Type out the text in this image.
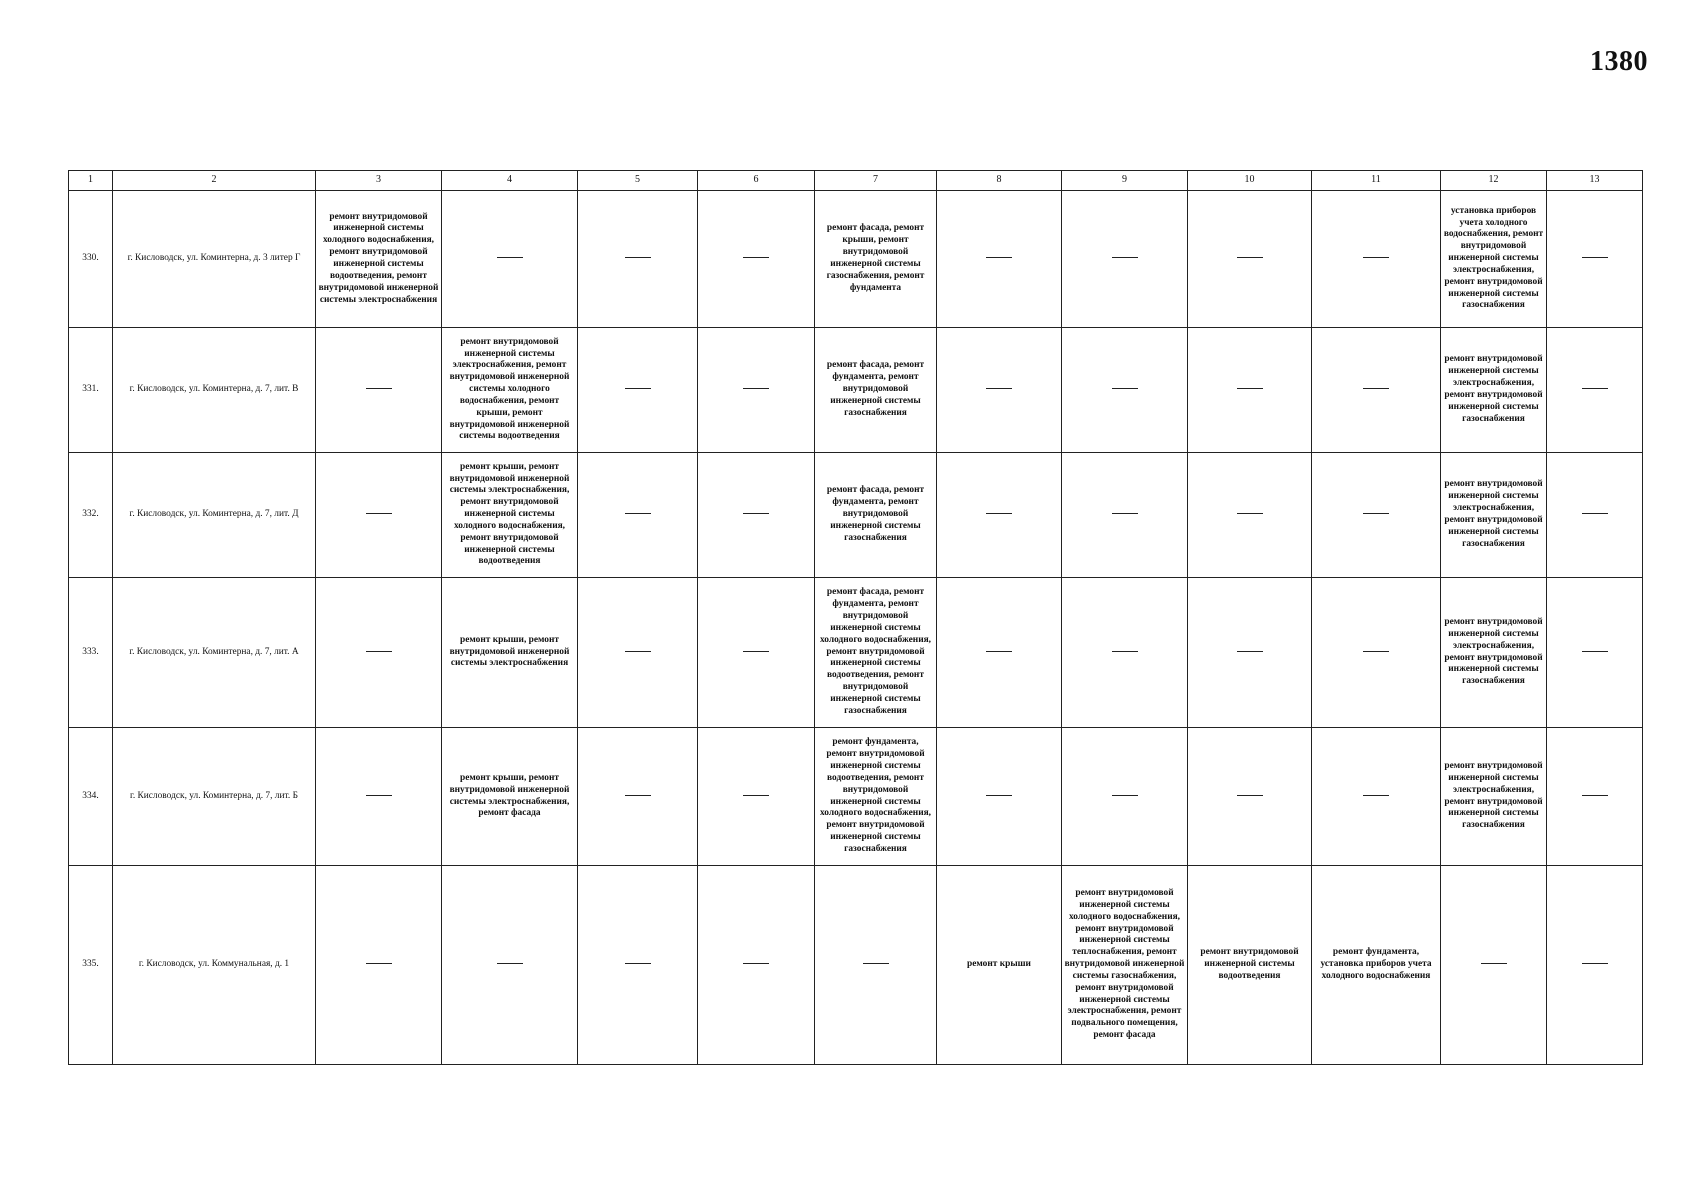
1380
1	2	3	4	5	6	7	8	9	10	11	12	13
330.	г. Кисловодск, ул. Коминтерна, д. 3 литер Г	ремонт внутридомовой инженерной системы холодного водоснабжения, ремонт внутридомовой инженерной системы водоотведения, ремонт внутридомовой инженерной системы электроснабжения				ремонт фасада, ремонт крыши, ремонт внутридомовой инженерной системы газоснабжения, ремонт фундамента					установка приборов учета холодного водоснабжения, ремонт внутридомовой инженерной системы электроснабжения, ремонт внутридомовой инженерной системы газоснабжения	
331.	г. Кисловодск, ул. Коминтерна, д. 7, лит. В		ремонт внутридомовой инженерной системы электроснабжения, ремонт внутридомовой инженерной системы холодного водоснабжения, ремонт крыши, ремонт внутридомовой инженерной системы водоотведения			ремонт фасада, ремонт фундамента, ремонт внутридомовой инженерной системы газоснабжения					ремонт внутридомовой инженерной системы электроснабжения, ремонт внутридомовой инженерной системы газоснабжения	
332.	г. Кисловодск, ул. Коминтерна, д. 7, лит. Д		ремонт крыши, ремонт внутридомовой инженерной системы электроснабжения, ремонт внутридомовой инженерной системы холодного водоснабжения, ремонт внутридомовой инженерной системы водоотведения			ремонт фасада, ремонт фундамента, ремонт внутридомовой инженерной системы газоснабжения					ремонт внутридомовой инженерной системы электроснабжения, ремонт внутридомовой инженерной системы газоснабжения	
333.	г. Кисловодск, ул. Коминтерна, д. 7, лит. А		ремонт крыши, ремонт внутридомовой инженерной системы электроснабжения			ремонт фасада, ремонт фундамента, ремонт внутридомовой инженерной системы холодного водоснабжения, ремонт внутридомовой инженерной системы водоотведения, ремонт внутридомовой инженерной системы газоснабжения					ремонт внутридомовой инженерной системы электроснабжения, ремонт внутридомовой инженерной системы газоснабжения	
334.	г. Кисловодск, ул. Коминтерна, д. 7, лит. Б		ремонт крыши, ремонт внутридомовой инженерной системы электроснабжения, ремонт фасада			ремонт фундамента, ремонт внутридомовой инженерной системы водоотведения, ремонт внутридомовой инженерной системы холодного водоснабжения, ремонт внутридомовой инженерной системы газоснабжения					ремонт внутридомовой инженерной системы электроснабжения, ремонт внутридомовой инженерной системы газоснабжения	
335.	г. Кисловодск, ул. Коммунальная, д. 1						ремонт крыши	ремонт внутридомовой инженерной системы холодного водоснабжения, ремонт внутридомовой инженерной системы теплоснабжения, ремонт внутридомовой инженерной системы газоснабжения, ремонт внутридомовой инженерной системы электроснабжения, ремонт подвального помещения, ремонт фасада	ремонт внутридомовой инженерной системы водоотведения	ремонт фундамента, установка приборов учета холодного водоснабжения		
